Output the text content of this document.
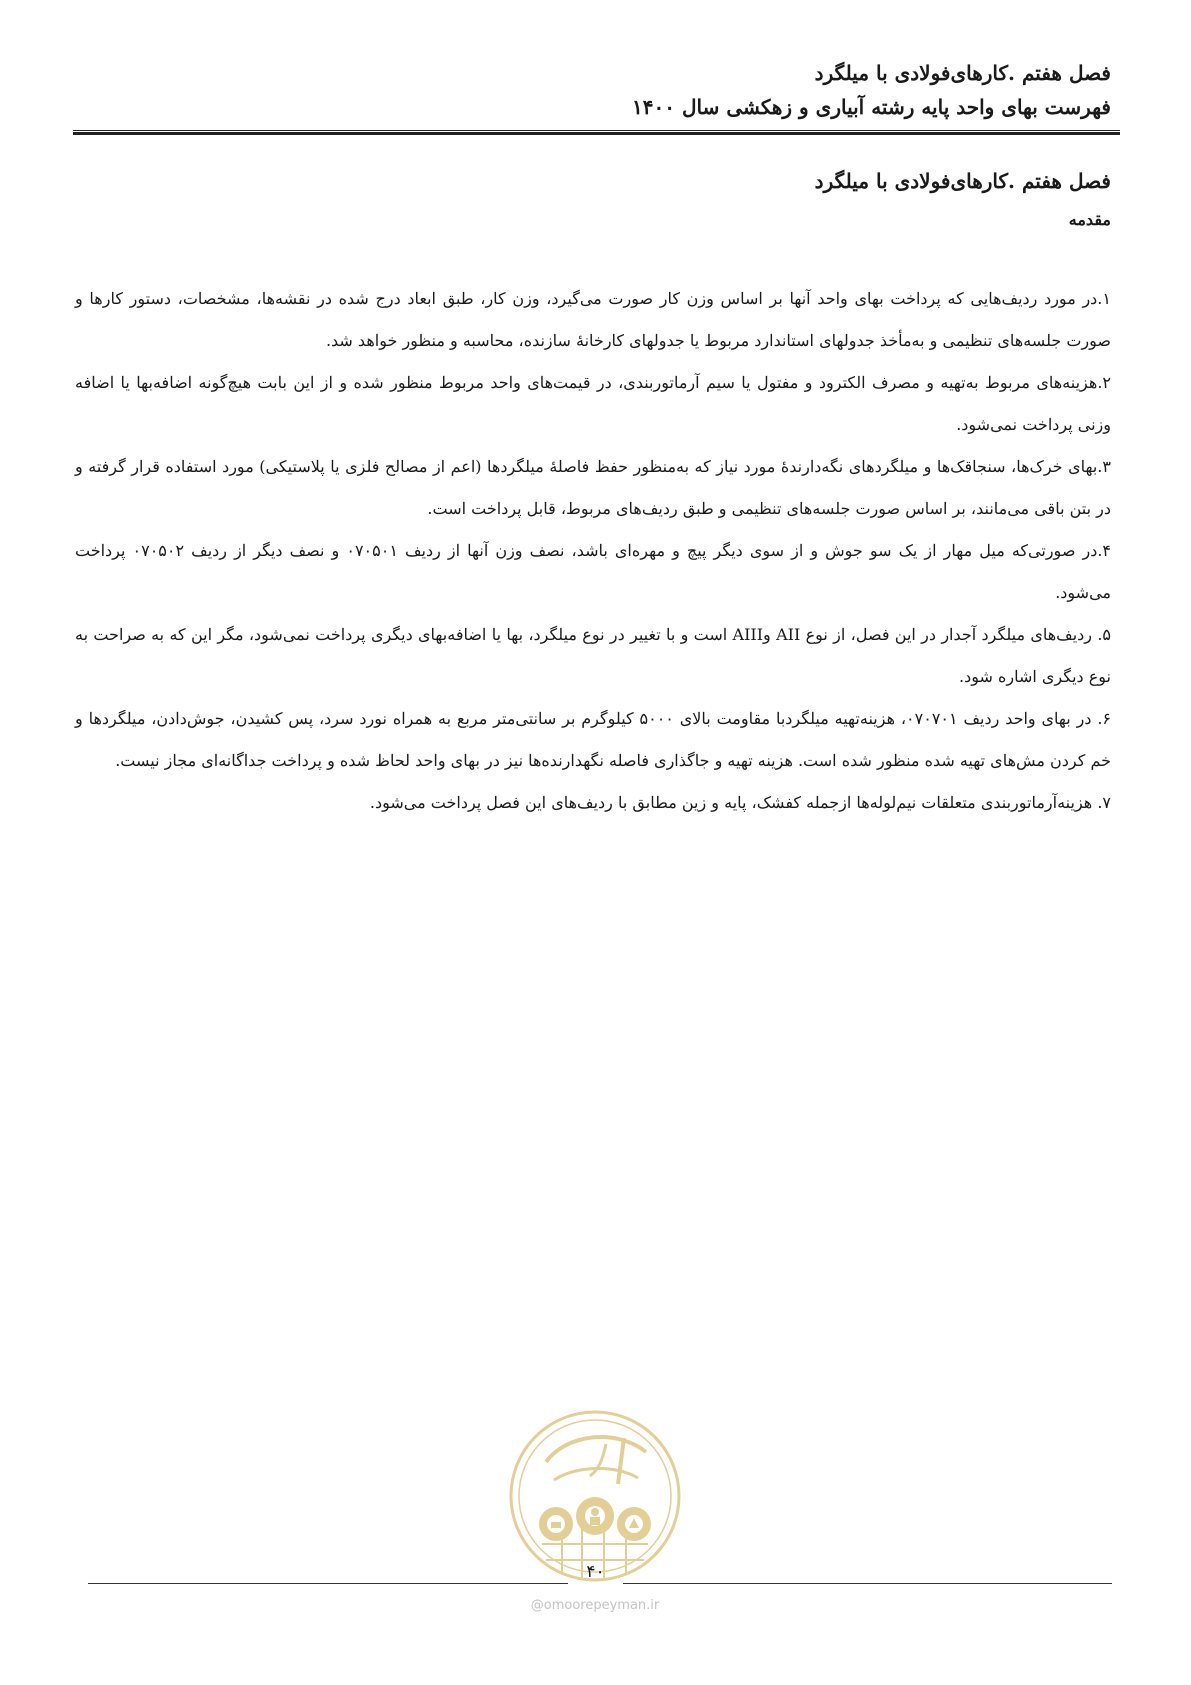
فصل هفتم .کارهای‌فولادی با میلگرد
فهرست بهای واحد پایه رشته آبیاری و زهکشی سال ۱۴۰۰
فصل هفتم .کارهای‌فولادی با میلگرد
مقدمه

۱.در مورد ردیف‌هایی که پرداخت بهای واحد آنها بر اساس وزن کار صورت می‌گیرد، وزن کار، طبق ابعاد درج شده در نقشه‌ها، مشخصات، دستور کارها و صورت جلسه‌های تنظیمی و به‌مأخذ جدولهای استاندارد مربوط یا جدولهای کارخانهٔ سازنده، محاسبه و منظور خواهد شد.

۲.هزینه‌های مربوط به‌تهیه و مصرف الکترود و مفتول یا سیم آرماتوربندی، در قیمت‌های واحد مربوط منظور شده و از این بابت هیچ‌گونه اضافه‌بها یا اضافه وزنی پرداخت نمی‌شود.

۳.بهای خرک‌ها، سنجاقک‌ها و میلگردهای نگه‌دارندهٔ مورد نیاز که به‌منظور حفظ فاصلهٔ میلگردها (اعم از مصالح فلزی یا پلاستیکی) مورد استفاده قرار گرفته و در بتن باقی می‌مانند، بر اساس صورت جلسه‌های تنظیمی و طبق ردیف‌های مربوط، قابل پرداخت است.

۴.در صورتی‌که میل مهار از یک سو جوش و از سوی دیگر پیچ و مهره‌ای باشد، نصف وزن آنها از ردیف ۰۷۰۵۰۱ و نصف دیگر از ردیف ۰۷۰۵۰۲ پرداخت می‌شود.

۵. ردیف‌های میلگرد آجدار در این فصل، از نوع AII وAIII است و با تغییر در نوع میلگرد، بها یا اضافه‌بهای دیگری پرداخت نمی‌شود، مگر این که به صراحت به نوع دیگری اشاره شود.

۶. در بهای واحد ردیف ۰۷۰۷۰۱، هزینه‌تهیه میلگردبا مقاومت بالای ۵۰۰۰ کیلوگرم بر سانتی‌متر مربع به همراه نورد سرد، پس کشیدن، جوش‌دادن، میلگردها و خم کردن مش‌های تهیه شده منظور شده است. هزینه تهیه و جاگذاری فاصله نگهدارنده‌ها نیز در بهای واحد لحاظ شده و پرداخت جداگانه‌ای مجاز نیست.

۷. هزینه‌آرماتوربندی متعلقات نیم‌لوله‌ها ازجمله کفشک، پایه و زین مطابق با ردیف‌های این فصل پرداخت می‌شود.

۴۰
@omoorepeyman.ir
